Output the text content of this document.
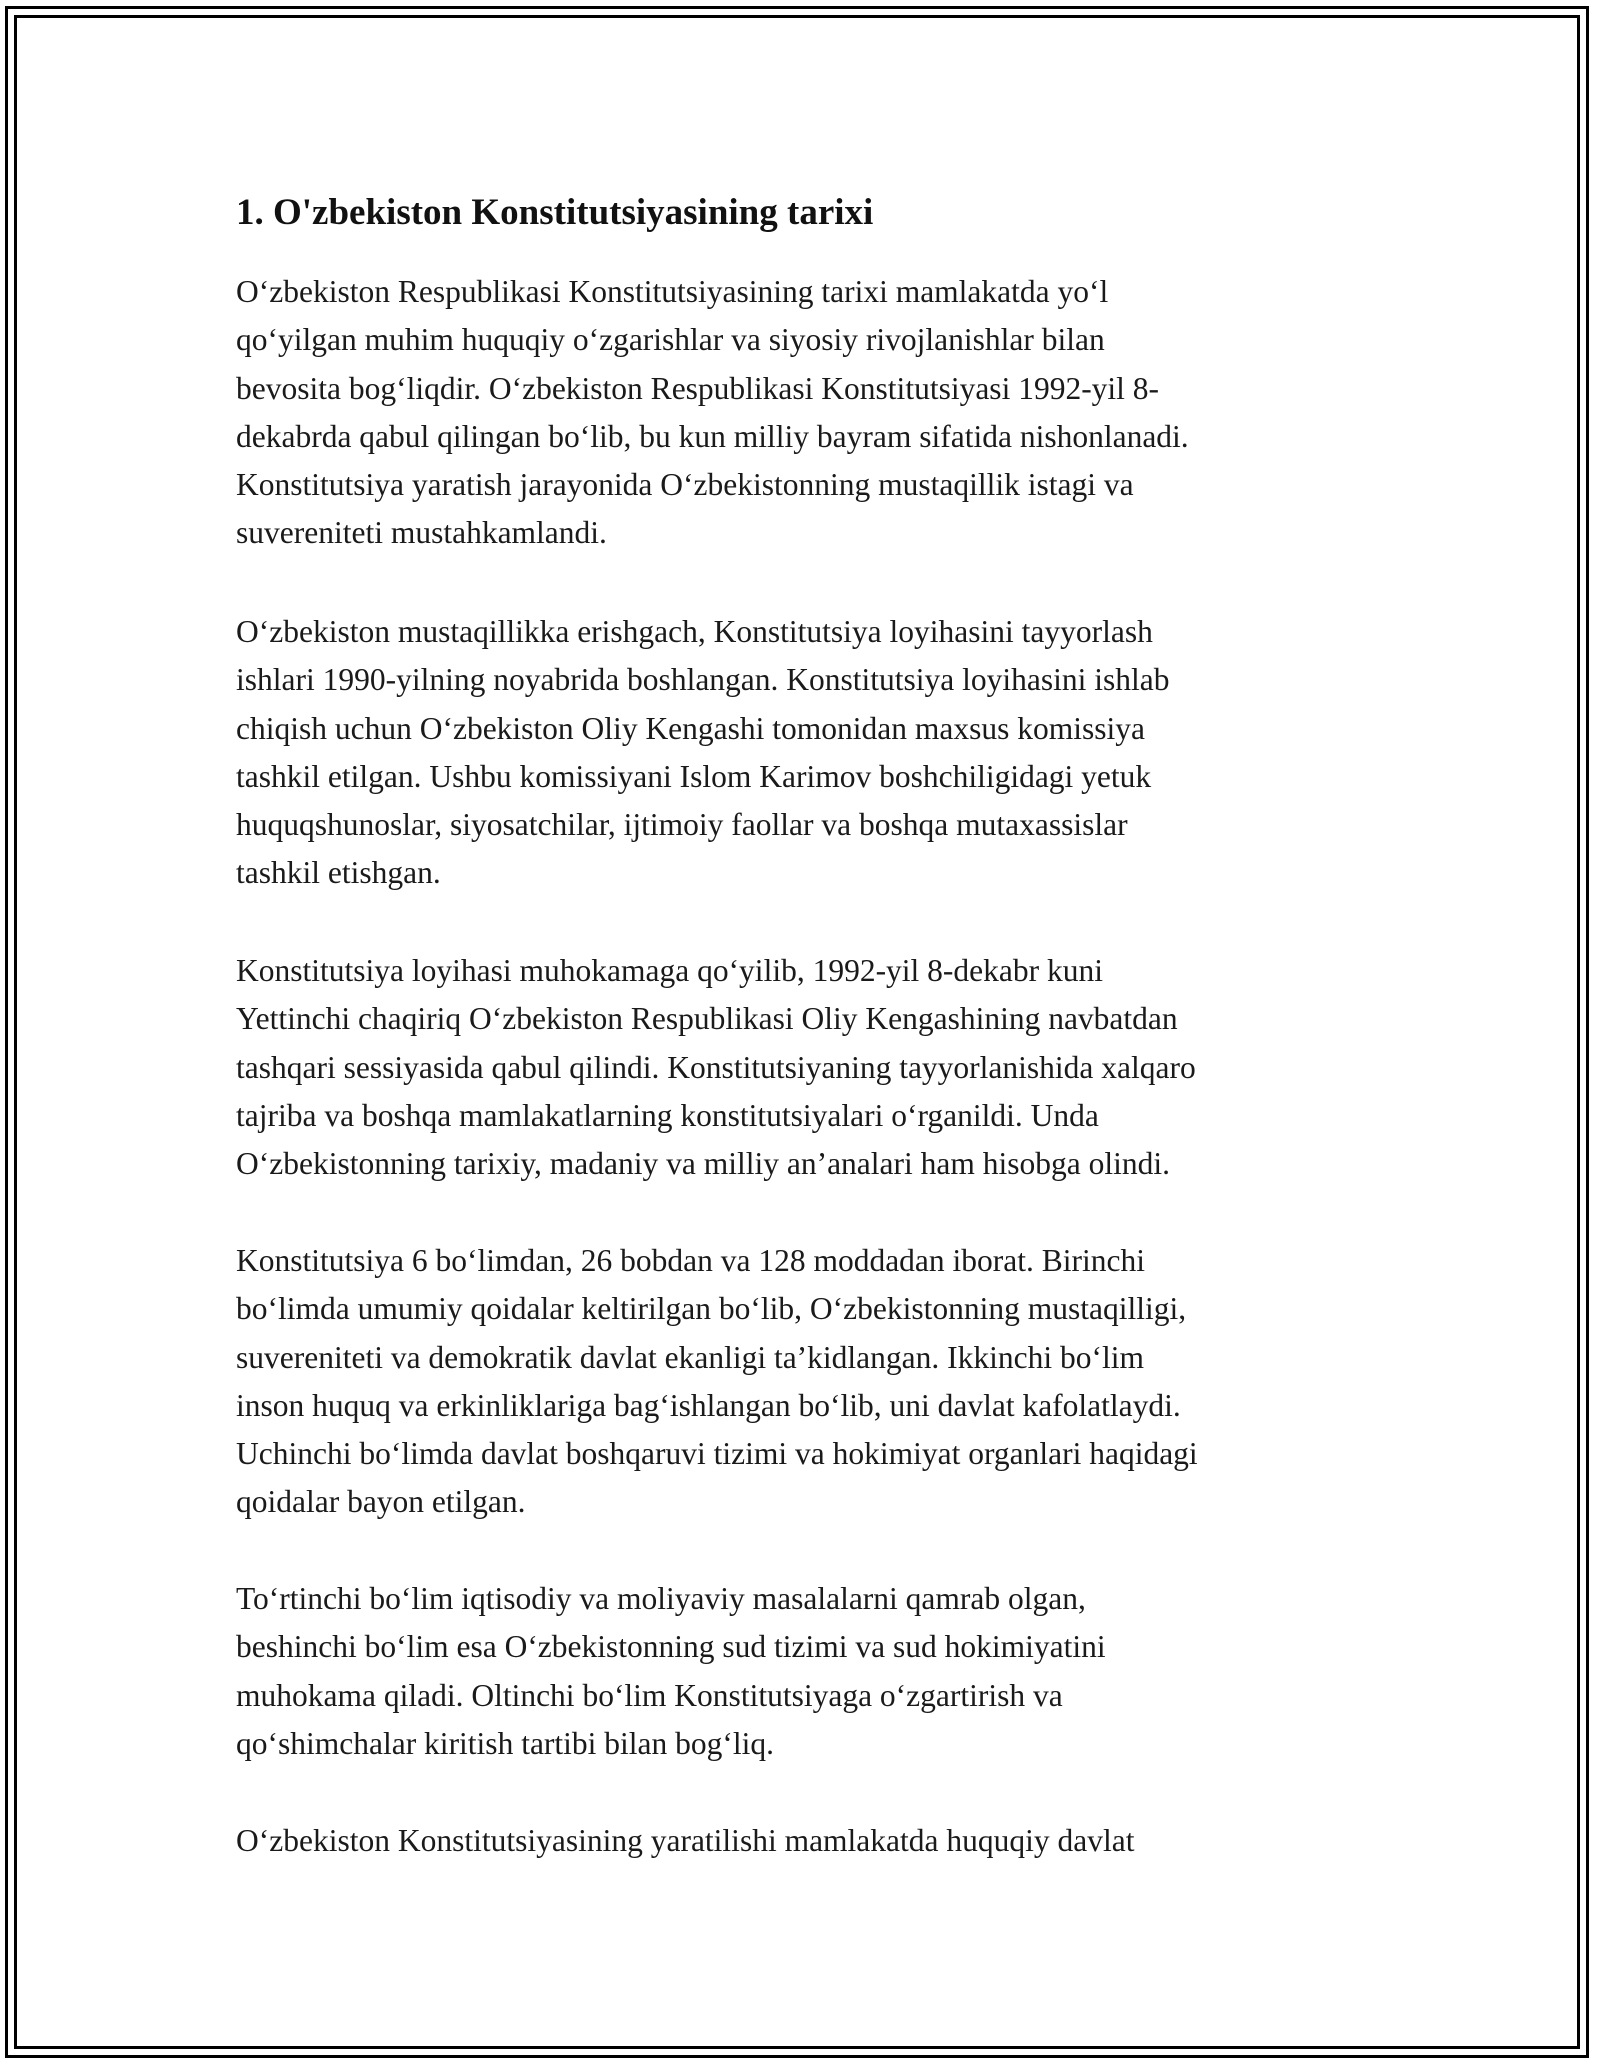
1. O'zbekiston Konstitutsiyasining tarixi

O‘zbekiston Respublikasi Konstitutsiyasining tarixi mamlakatda yo‘l
qo‘yilgan muhim huquqiy o‘zgarishlar va siyosiy rivojlanishlar bilan
bevosita bog‘liqdir. O‘zbekiston Respublikasi Konstitutsiyasi 1992-yil 8-
dekabrda qabul qilingan bo‘lib, bu kun milliy bayram sifatida nishonlanadi.
Konstitutsiya yaratish jarayonida O‘zbekistonning mustaqillik istagi va
suvereniteti mustahkamlandi.

O‘zbekiston mustaqillikka erishgach, Konstitutsiya loyihasini tayyorlash
ishlari 1990-yilning noyabrida boshlangan. Konstitutsiya loyihasini ishlab
chiqish uchun O‘zbekiston Oliy Kengashi tomonidan maxsus komissiya
tashkil etilgan. Ushbu komissiyani Islom Karimov boshchiligidagi yetuk
huquqshunoslar, siyosatchilar, ijtimoiy faollar va boshqa mutaxassislar
tashkil etishgan.

Konstitutsiya loyihasi muhokamaga qo‘yilib, 1992-yil 8-dekabr kuni
Yettinchi chaqiriq O‘zbekiston Respublikasi Oliy Kengashining navbatdan
tashqari sessiyasida qabul qilindi. Konstitutsiyaning tayyorlanishida xalqaro
tajriba va boshqa mamlakatlarning konstitutsiyalari o‘rganildi. Unda
O‘zbekistonning tarixiy, madaniy va milliy an’analari ham hisobga olindi.

Konstitutsiya 6 bo‘limdan, 26 bobdan va 128 moddadan iborat. Birinchi
bo‘limda umumiy qoidalar keltirilgan bo‘lib, O‘zbekistonning mustaqilligi,
suvereniteti va demokratik davlat ekanligi ta’kidlangan. Ikkinchi bo‘lim
inson huquq va erkinliklariga bag‘ishlangan bo‘lib, uni davlat kafolatlaydi.
Uchinchi bo‘limda davlat boshqaruvi tizimi va hokimiyat organlari haqidagi
qoidalar bayon etilgan.

To‘rtinchi bo‘lim iqtisodiy va moliyaviy masalalarni qamrab olgan,
beshinchi bo‘lim esa O‘zbekistonning sud tizimi va sud hokimiyatini
muhokama qiladi. Oltinchi bo‘lim Konstitutsiyaga o‘zgartirish va
qo‘shimchalar kiritish tartibi bilan bog‘liq.

O‘zbekiston Konstitutsiyasining yaratilishi mamlakatda huquqiy davlat
